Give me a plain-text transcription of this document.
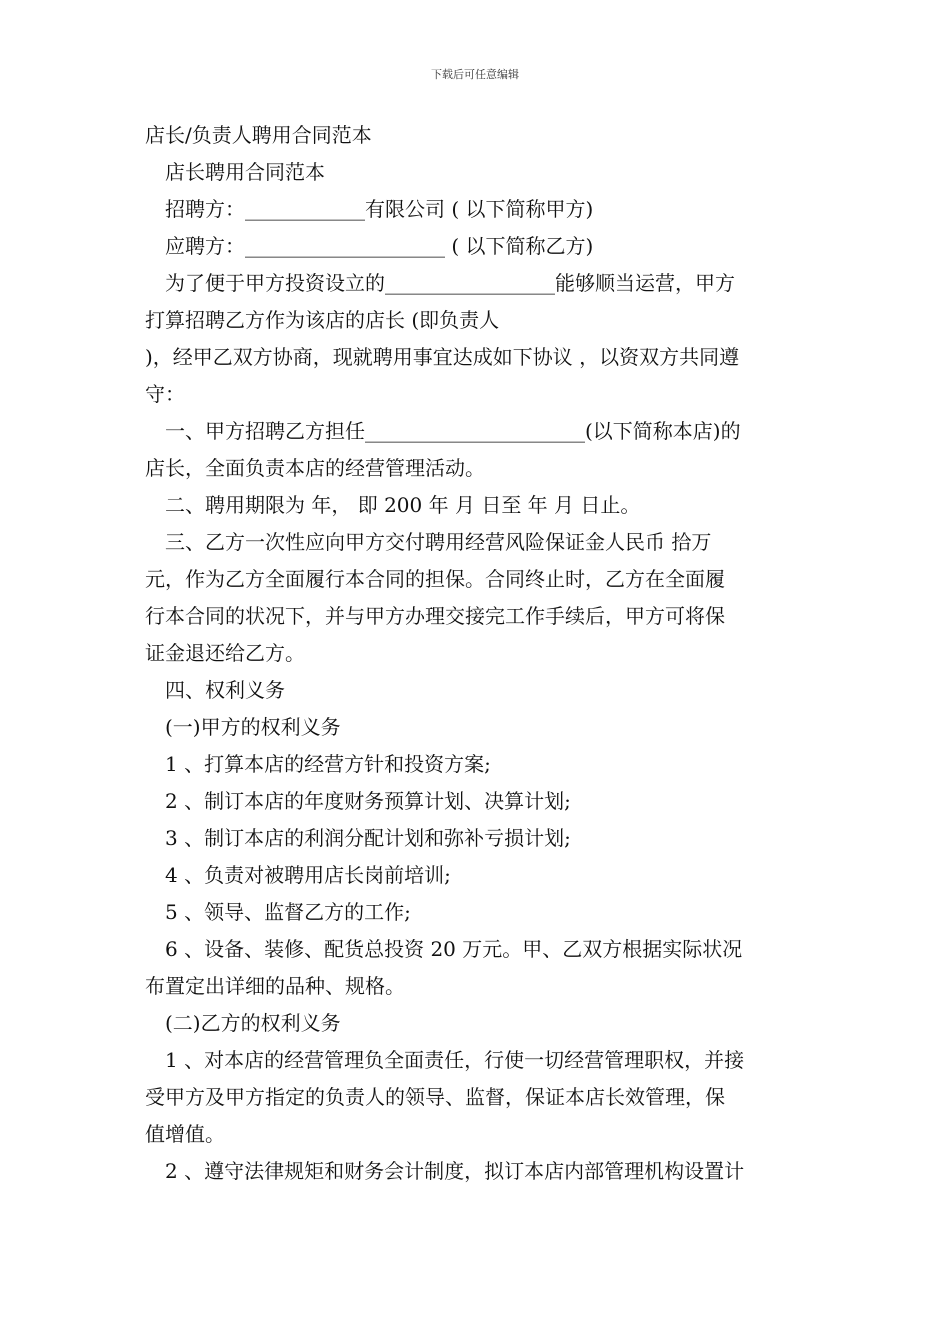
下载后可任意编辑
店长/负责人聘用合同范本
店长聘用合同范本
招聘方：____________有限公司 ( 以下简称甲方)
应聘方：____________________ ( 以下简称乙方)
为了便于甲方投资设立的_________________能够顺当运营，甲方
打算招聘乙方作为该店的店长 (即负责人
)，经甲乙双方协商，现就聘用事宜达成如下协议 ，以资双方共同遵
守：
一、甲方招聘乙方担任______________________(以下简称本店)的
店长，全面负责本店的经营管理活动。
二、聘用期限为 年， 即 200 年 月 日至 年 月 日止。
三、乙方一次性应向甲方交付聘用经营风险保证金人民币 拾万
元，作为乙方全面履行本合同的担保。合同终止时，乙方在全面履
行本合同的状况下，并与甲方办理交接完工作手续后，甲方可将保
证金退还给乙方。
四、权利义务
(一)甲方的权利义务
1 、打算本店的经营方针和投资方案;
2 、制订本店的年度财务预算计划、决算计划;
3 、制订本店的利润分配计划和弥补亏损计划;
4 、负责对被聘用店长岗前培训;
5 、领导、监督乙方的工作;
6 、设备、装修、配货总投资 20 万元。甲、乙双方根据实际状况
布置定出详细的品种、规格。
(二)乙方的权利义务
1 、对本店的经营管理负全面责任，行使一切经营管理职权，并接
受甲方及甲方指定的负责人的领导、监督，保证本店长效管理，保
值增值。
2 、遵守法律规矩和财务会计制度，拟订本店内部管理机构设置计
